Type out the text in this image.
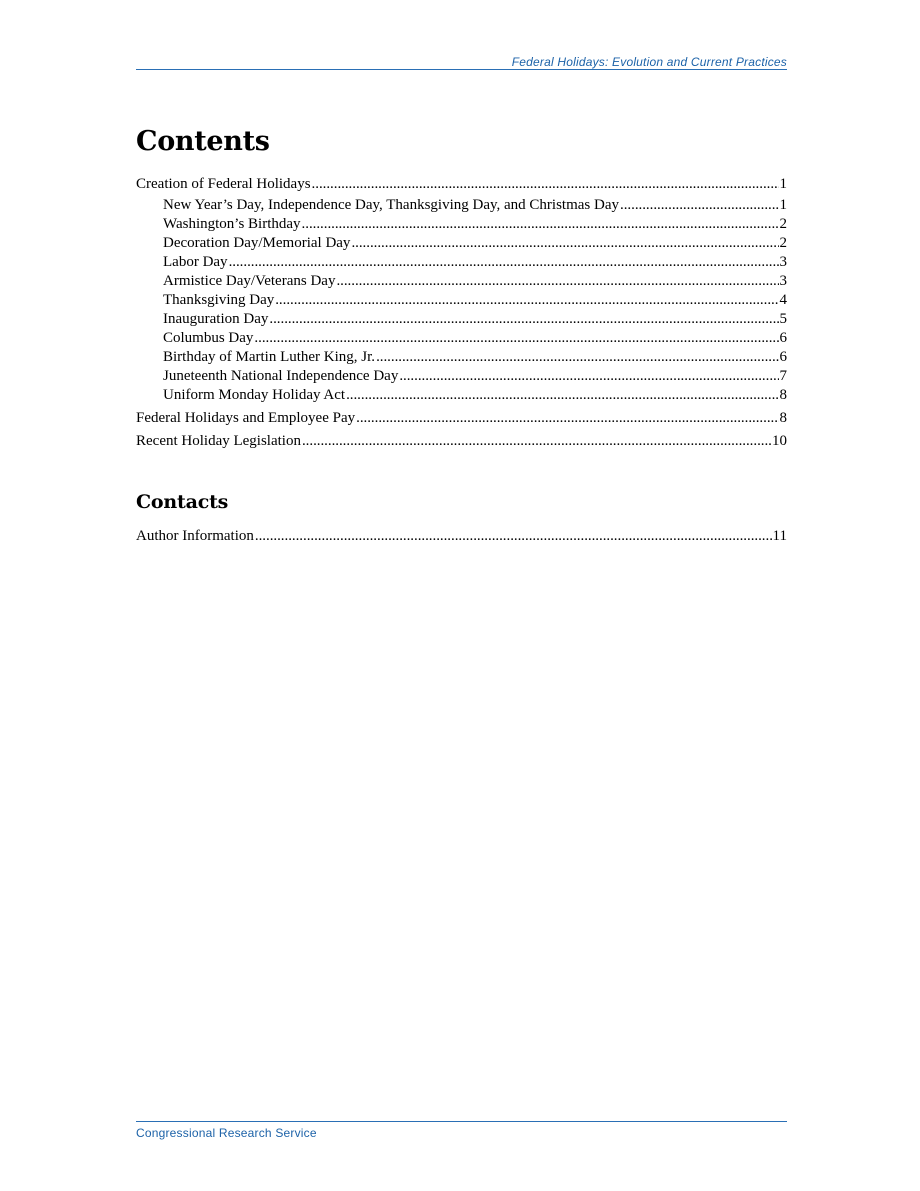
Federal Holidays: Evolution and Current Practices
Contents
Creation of Federal Holidays . . .	1
New Year’s Day, Independence Day, Thanksgiving Day, and Christmas Day . . .	1
Washington’s Birthday . . .	2
Decoration Day/Memorial Day . . .	2
Labor Day . . .	3
Armistice Day/Veterans Day . . .	3
Thanksgiving Day . . .	4
Inauguration Day . . .	5
Columbus Day . . .	6
Birthday of Martin Luther King, Jr. . . .	6
Juneteenth National Independence Day . . .	7
Uniform Monday Holiday Act . . .	8
Federal Holidays and Employee Pay . . .	8
Recent Holiday Legislation . . .	10
Contacts
Author Information . . .	11
Congressional Research Service
